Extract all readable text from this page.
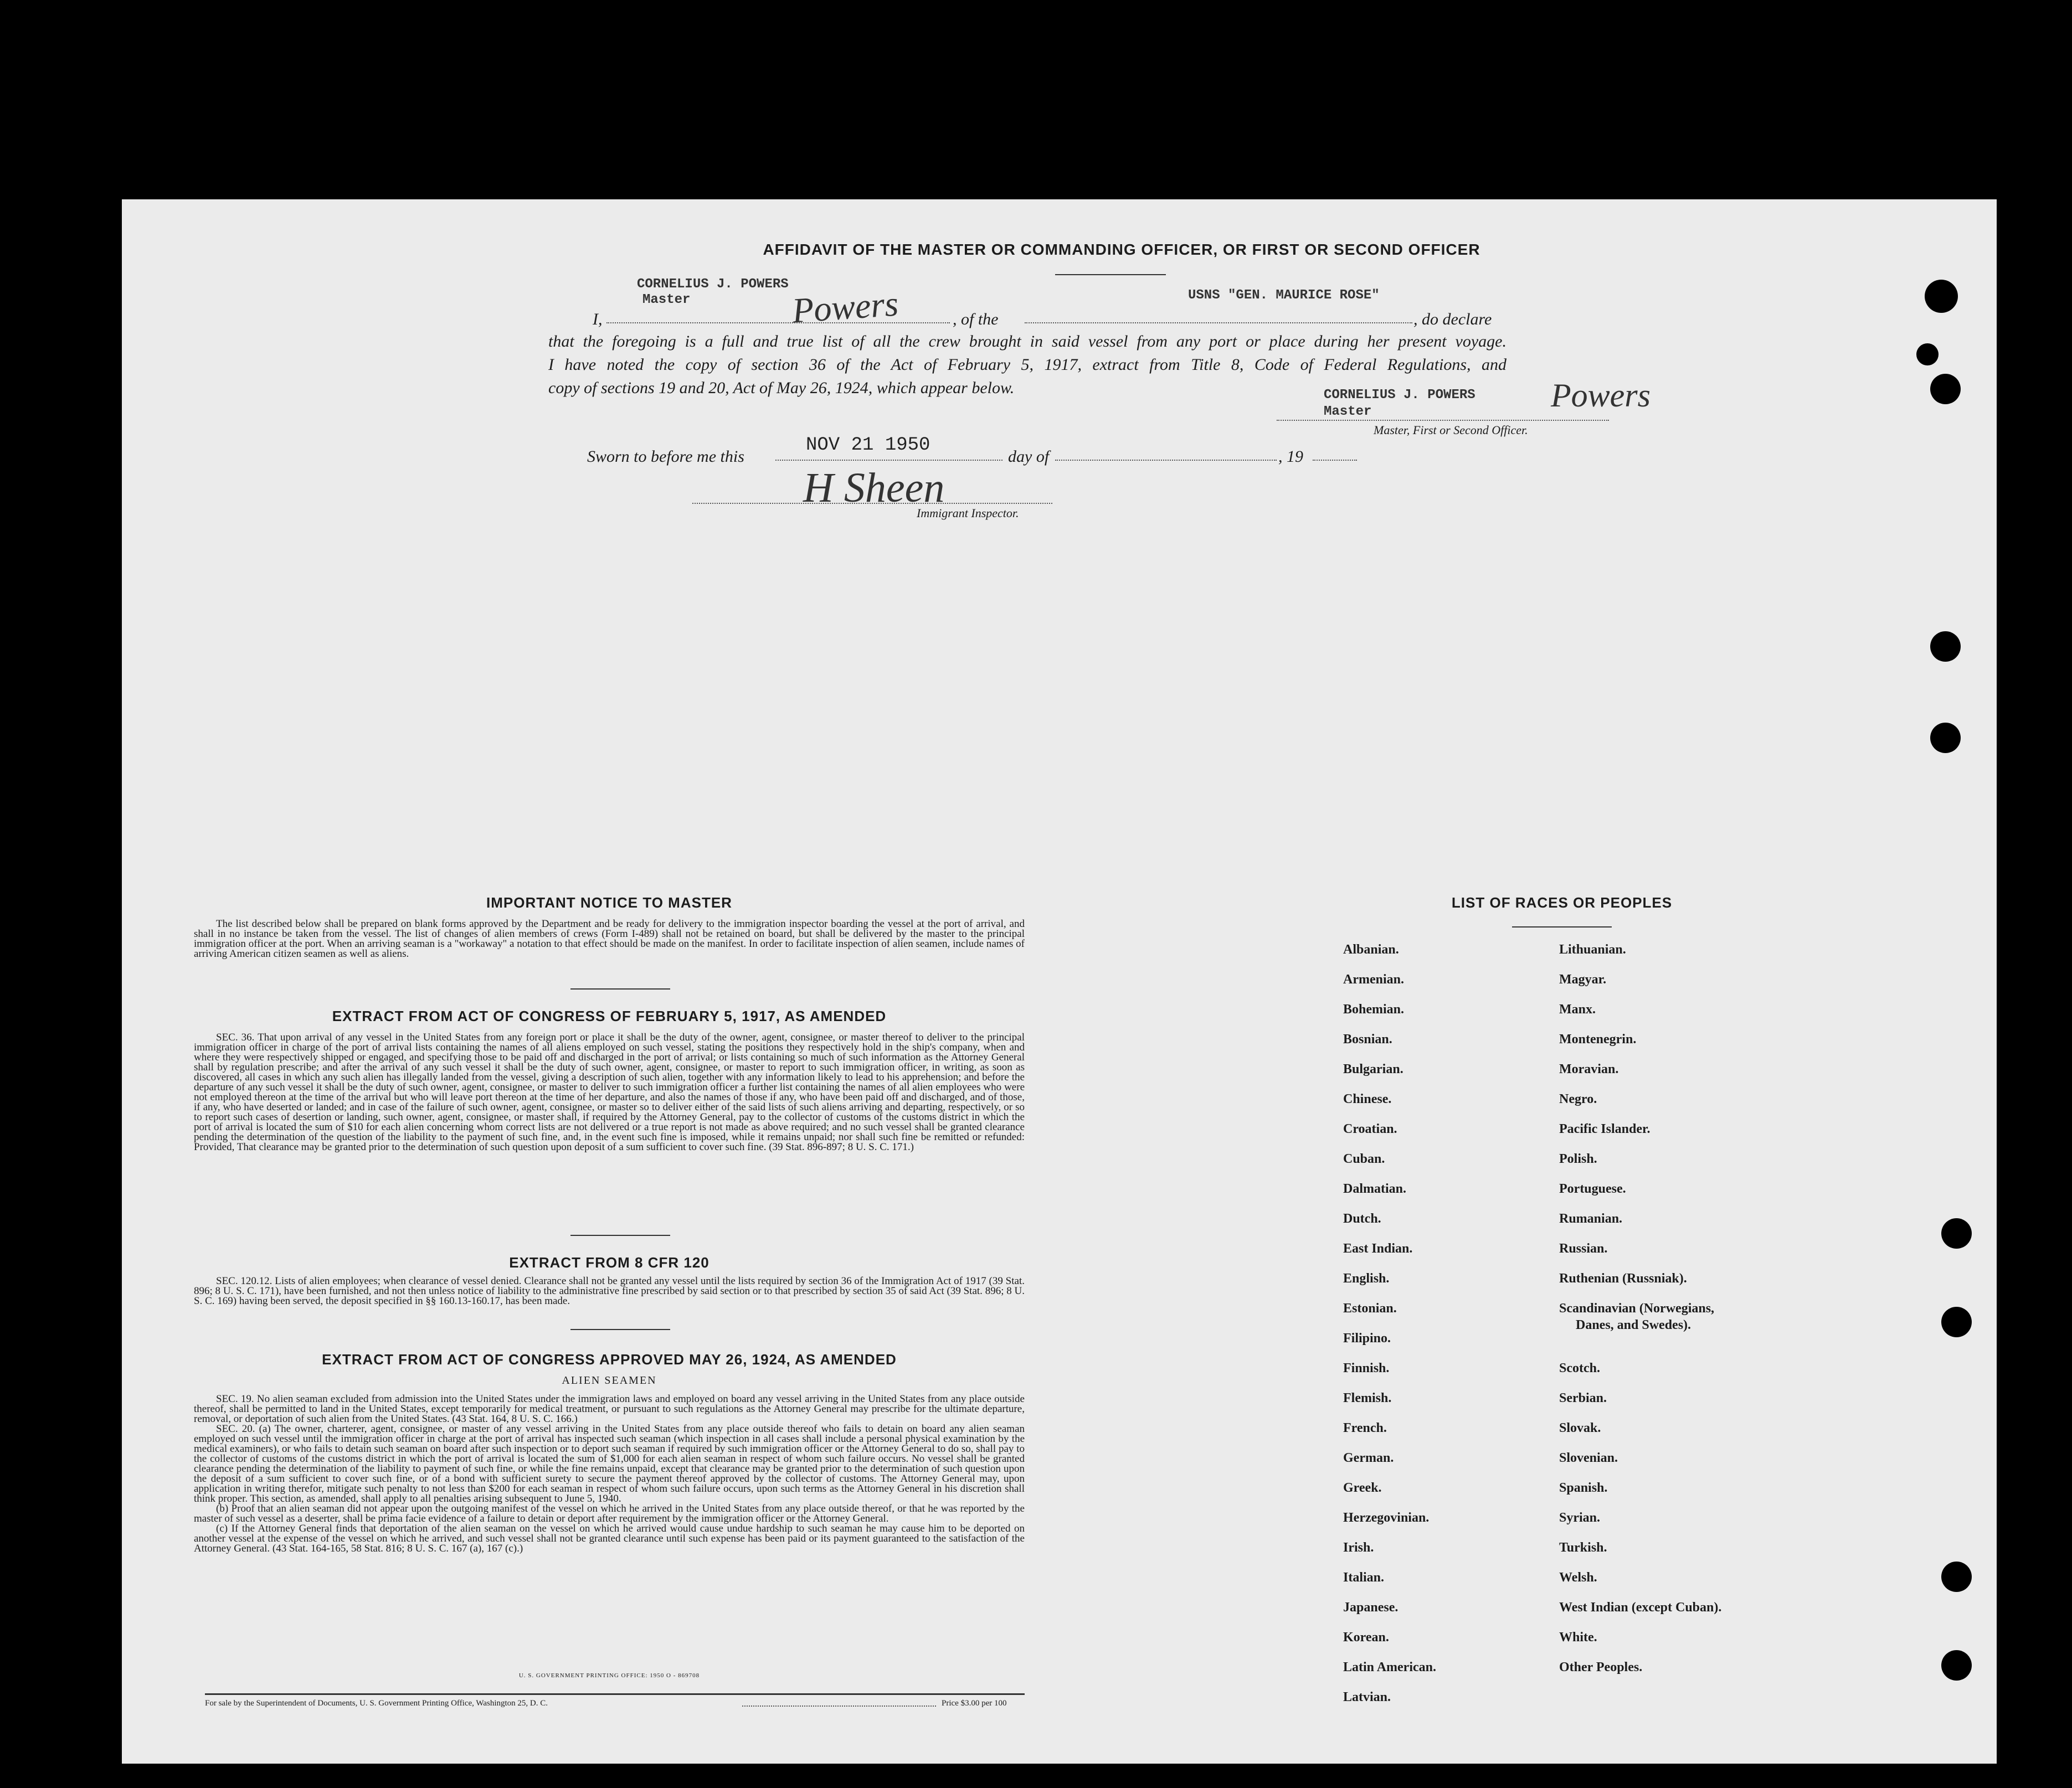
AFFIDAVIT OF THE MASTER OR COMMANDING OFFICER, OR FIRST OR SECOND OFFICER
CORNELIUS J. POWERS
Master
I,	Powers	, of the
USNS "GEN. MAURICE ROSE"
, do declare
that the foregoing is a full and true list of all the crew brought in said vessel from any port or place during her present voyage.
I have noted the copy of section 36 of the Act of February 5, 1917, extract from Title 8, Code of Federal Regulations, and
copy of sections 19 and 20, Act of May 26, 1924, which appear below.	CORNELIUS J. POWERS
Master	Powers
Master, First or Second Officer.
Sworn to before me this
NOV 21 1950
day of	, 19
H Sheen
Immigrant Inspector.
IMPORTANT NOTICE TO MASTER
The list described below shall be prepared on blank forms approved by the Department and be ready for delivery to the immigration inspector boarding the vessel at the port of arrival, and shall in no instance be taken from the vessel. The list of changes of alien members of crews (Form I-489) shall not be retained on board, but shall be delivered by the master to the principal immigration officer at the port. When an arriving seaman is a "workaway" a notation to that effect should be made on the manifest. In order to facilitate inspection of alien seamen, include names of arriving American citizen seamen as well as aliens.
EXTRACT FROM ACT OF CONGRESS OF FEBRUARY 5, 1917, AS AMENDED
SEC. 36. That upon arrival of any vessel in the United States from any foreign port or place it shall be the duty of the owner, agent, consignee, or master thereof to deliver to the principal immigration officer in charge of the port of arrival lists containing the names of all aliens employed on such vessel, stating the positions they respectively hold in the ship's company, when and where they were respectively shipped or engaged, and specifying those to be paid off and discharged in the port of arrival; or lists containing so much of such information as the Attorney General shall by regulation prescribe; and after the arrival of any such vessel it shall be the duty of such owner, agent, consignee, or master to report to such immigration officer, in writing, as soon as discovered, all cases in which any such alien has illegally landed from the vessel, giving a description of such alien, together with any information likely to lead to his apprehension; and before the departure of any such vessel it shall be the duty of such owner, agent, consignee, or master to deliver to such immigration officer a further list containing the names of all alien employees who were not employed thereon at the time of the arrival but who will leave port thereon at the time of her departure, and also the names of those if any, who have been paid off and discharged, and of those, if any, who have deserted or landed; and in case of the failure of such owner, agent, consignee, or master so to deliver either of the said lists of such aliens arriving and departing, respectively, or so to report such cases of desertion or landing, such owner, agent, consignee, or master shall, if required by the Attorney General, pay to the collector of customs of the customs district in which the port of arrival is located the sum of $10 for each alien concerning whom correct lists are not delivered or a true report is not made as above required; and no such vessel shall be granted clearance pending the determination of the question of the liability to the payment of such fine, and, in the event such fine is imposed, while it remains unpaid; nor shall such fine be remitted or refunded: Provided, That clearance may be granted prior to the determination of such question upon deposit of a sum sufficient to cover such fine. (39 Stat. 896-897; 8 U. S. C. 171.)
EXTRACT FROM 8 CFR 120
SEC. 120.12. Lists of alien employees; when clearance of vessel denied. Clearance shall not be granted any vessel until the lists required by section 36 of the Immigration Act of 1917 (39 Stat. 896; 8 U. S. C. 171), have been furnished, and not then unless notice of liability to the administrative fine prescribed by said section or to that prescribed by section 35 of said Act (39 Stat. 896; 8 U. S. C. 169) having been served, the deposit specified in §§ 160.13-160.17, has been made.
EXTRACT FROM ACT OF CONGRESS APPROVED MAY 26, 1924, AS AMENDED
ALIEN SEAMEN
SEC. 19. No alien seaman excluded from admission into the United States under the immigration laws and employed on board any vessel arriving in the United States from any place outside thereof, shall be permitted to land in the United States, except temporarily for medical treatment, or pursuant to such regulations as the Attorney General may prescribe for the ultimate departure, removal, or deportation of such alien from the United States. (43 Stat. 164, 8 U. S. C. 166.)
SEC. 20. (a) The owner, charterer, agent, consignee, or master of any vessel arriving in the United States from any place outside thereof who fails to detain on board any alien seaman employed on such vessel until the immigration officer in charge at the port of arrival has inspected such seaman (which inspection in all cases shall include a personal physical examination by the medical examiners), or who fails to detain such seaman on board after such inspection or to deport such seaman if required by such immigration officer or the Attorney General to do so, shall pay to the collector of customs of the customs district in which the port of arrival is located the sum of $1,000 for each alien seaman in respect of whom such failure occurs. No vessel shall be granted clearance pending the determination of the liability to payment of such fine, or while the fine remains unpaid, except that clearance may be granted prior to the determination of such question upon the deposit of a sum sufficient to cover such fine, or of a bond with sufficient surety to secure the payment thereof approved by the collector of customs. The Attorney General may, upon application in writing therefor, mitigate such penalty to not less than $200 for each seaman in respect of whom such failure occurs, upon such terms as the Attorney General in his discretion shall think proper. This section, as amended, shall apply to all penalties arising subsequent to June 5, 1940.
(b) Proof that an alien seaman did not appear upon the outgoing manifest of the vessel on which he arrived in the United States from any place outside thereof, or that he was reported by the master of such vessel as a deserter, shall be prima facie evidence of a failure to detain or deport after requirement by the immigration officer or the Attorney General.
(c) If the Attorney General finds that deportation of the alien seaman on the vessel on which he arrived would cause undue hardship to such seaman he may cause him to be deported on another vessel at the expense of the vessel on which he arrived, and such vessel shall not be granted clearance until such expense has been paid or its payment guaranteed to the satisfaction of the Attorney General. (43 Stat. 164-165, 58 Stat. 816; 8 U. S. C. 167 (a), 167 (c).)
U. S. GOVERNMENT PRINTING OFFICE: 1950 O - 869708
For sale by the Superintendent of Documents, U. S. Government Printing Office, Washington 25, D. C.	Price $3.00 per 100
LIST OF RACES OR PEOPLES
Albanian.
Armenian.
Bohemian.
Bosnian.
Bulgarian.
Chinese.
Croatian.
Cuban.
Dalmatian.
Dutch.
East Indian.
English.
Estonian.
Filipino.
Finnish.
Flemish.
French.
German.
Greek.
Herzegovinian.
Irish.
Italian.
Japanese.
Korean.
Latin American.
Latvian.
Lithuanian.
Magyar.
Manx.
Montenegrin.
Moravian.
Negro.
Pacific Islander.
Polish.
Portuguese.
Rumanian.
Russian.
Ruthenian (Russniak).
Scandinavian (Norwegians,
Danes, and Swedes).
Scotch.
Serbian.
Slovak.
Slovenian.
Spanish.
Syrian.
Turkish.
Welsh.
West Indian (except Cuban).
White.
Other Peoples.
